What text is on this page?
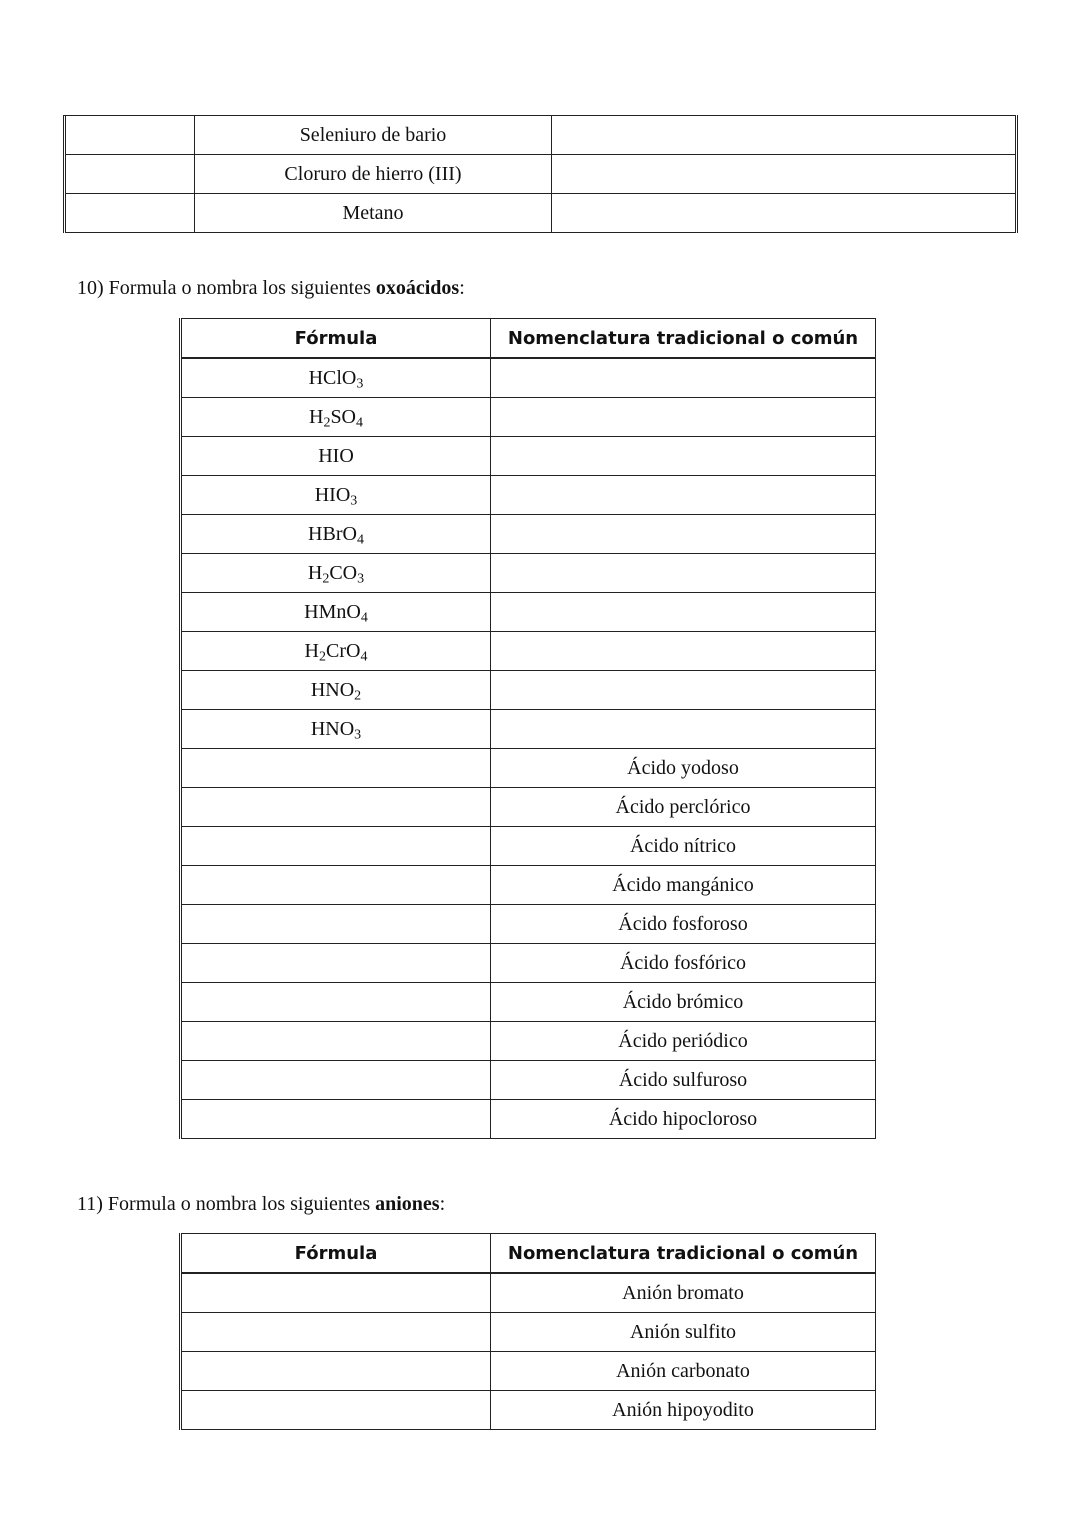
	Seleniuro de bario	
	Cloruro de hierro (III)	
	Metano	
10) Formula o nombra los siguientes oxoácidos:
Fórmula	Nomenclatura tradicional o común
HClO$_3$	
$H_2SO_4$	
HIO	
$HIO_3$	
HBrO$_4$	
$H_2CO_3$	
HMnO$_4$	
$H_2CrO_4$	
$HNO_2$	
$HNO_3$	
	Ácido yodoso
	Ácido perclórico
	Ácido nítrico
	Ácido mangánico
	Ácido fosforoso
	Ácido fosfórico
	Ácido brómico
	Ácido periódico
	Ácido sulfuroso
	Ácido hipocloroso
11) Formula o nombra los siguientes aniones:
Fórmula	Nomenclatura tradicional o común
	Anión bromato
	Anión sulfito
	Anión carbonato
	Anión hipoyodito
